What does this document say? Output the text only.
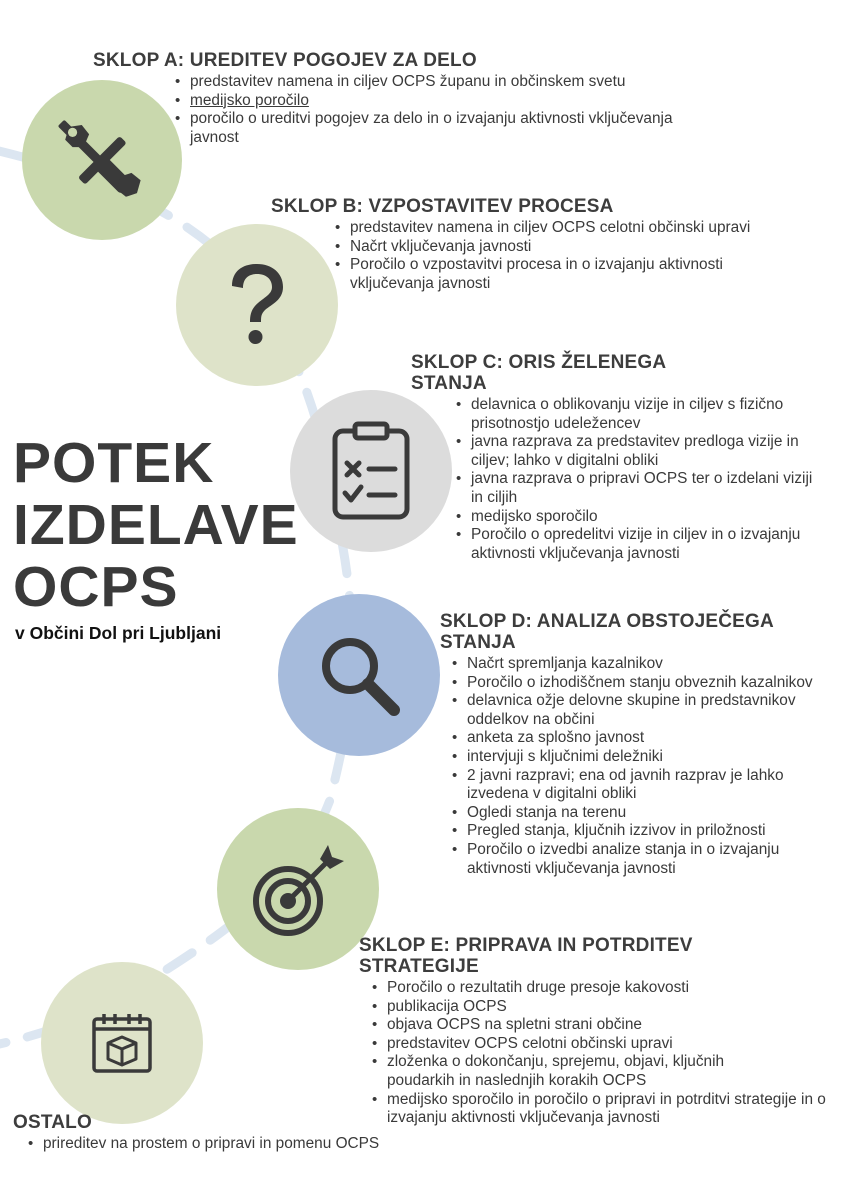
POTEK
IZDELAVE
OCPS

v Občini Dol pri Ljubljani

SKLOP A: UREDITEV POGOJEV ZA DELO
• predstavitev namena in ciljev OCPS županu in občinskem svetu
• medijsko poročilo
• poročilo o ureditvi pogojev za delo in o izvajanju aktivnosti vključevanja javnost
SKLOP B: VZPOSTAVITEV PROCESA
• predstavitev namena in ciljev OCPS celotni občinski upravi
• Načrt vključevanja javnosti
• Poročilo o vzpostavitvi procesa in o izvajanju aktivnosti vključevanja javnosti
SKLOP C: ORIS ŽELENEGA
STANJA
• delavnica o oblikovanju vizije in ciljev s fizično prisotnostjo udeležencev
• javna razprava za predstavitev predloga vizije in ciljev; lahko v digitalni obliki
• javna razprava o pripravi OCPS ter o izdelani viziji in ciljih
• medijsko sporočilo
• Poročilo o opredelitvi vizije in ciljev in o izvajanju aktivnosti vključevanja javnosti
SKLOP D: ANALIZA OBSTOJEČEGA
STANJA
• Načrt spremljanja kazalnikov
• Poročilo o izhodiščnem stanju obveznih kazalnikov
• delavnica ožje delovne skupine in predstavnikov oddelkov na občini
• anketa za splošno javnost
• intervjuji s ključnimi deležniki
• 2 javni razpravi; ena od javnih razprav je lahko izvedena v digitalni obliki
• Ogledi stanja na terenu
• Pregled stanja, ključnih izzivov in priložnosti
• Poročilo o izvedbi analize stanja in o izvajanju aktivnosti vključevanja javnosti
SKLOP E: PRIPRAVA IN POTRDITEV
STRATEGIJE
• Poročilo o rezultatih druge presoje kakovosti
• publikacija OCPS
• objava OCPS na spletni strani občine
• predstavitev OCPS celotni občinski upravi
• zloženka o dokončanju, sprejemu, objavi, ključnih poudarkih in naslednjih korakih OCPS
• medijsko sporočilo in poročilo o pripravi in potrditvi strategije in o izvajanju aktivnosti vključevanja javnosti
OSTALO
• prireditev na prostem o pripravi in pomenu OCPS
